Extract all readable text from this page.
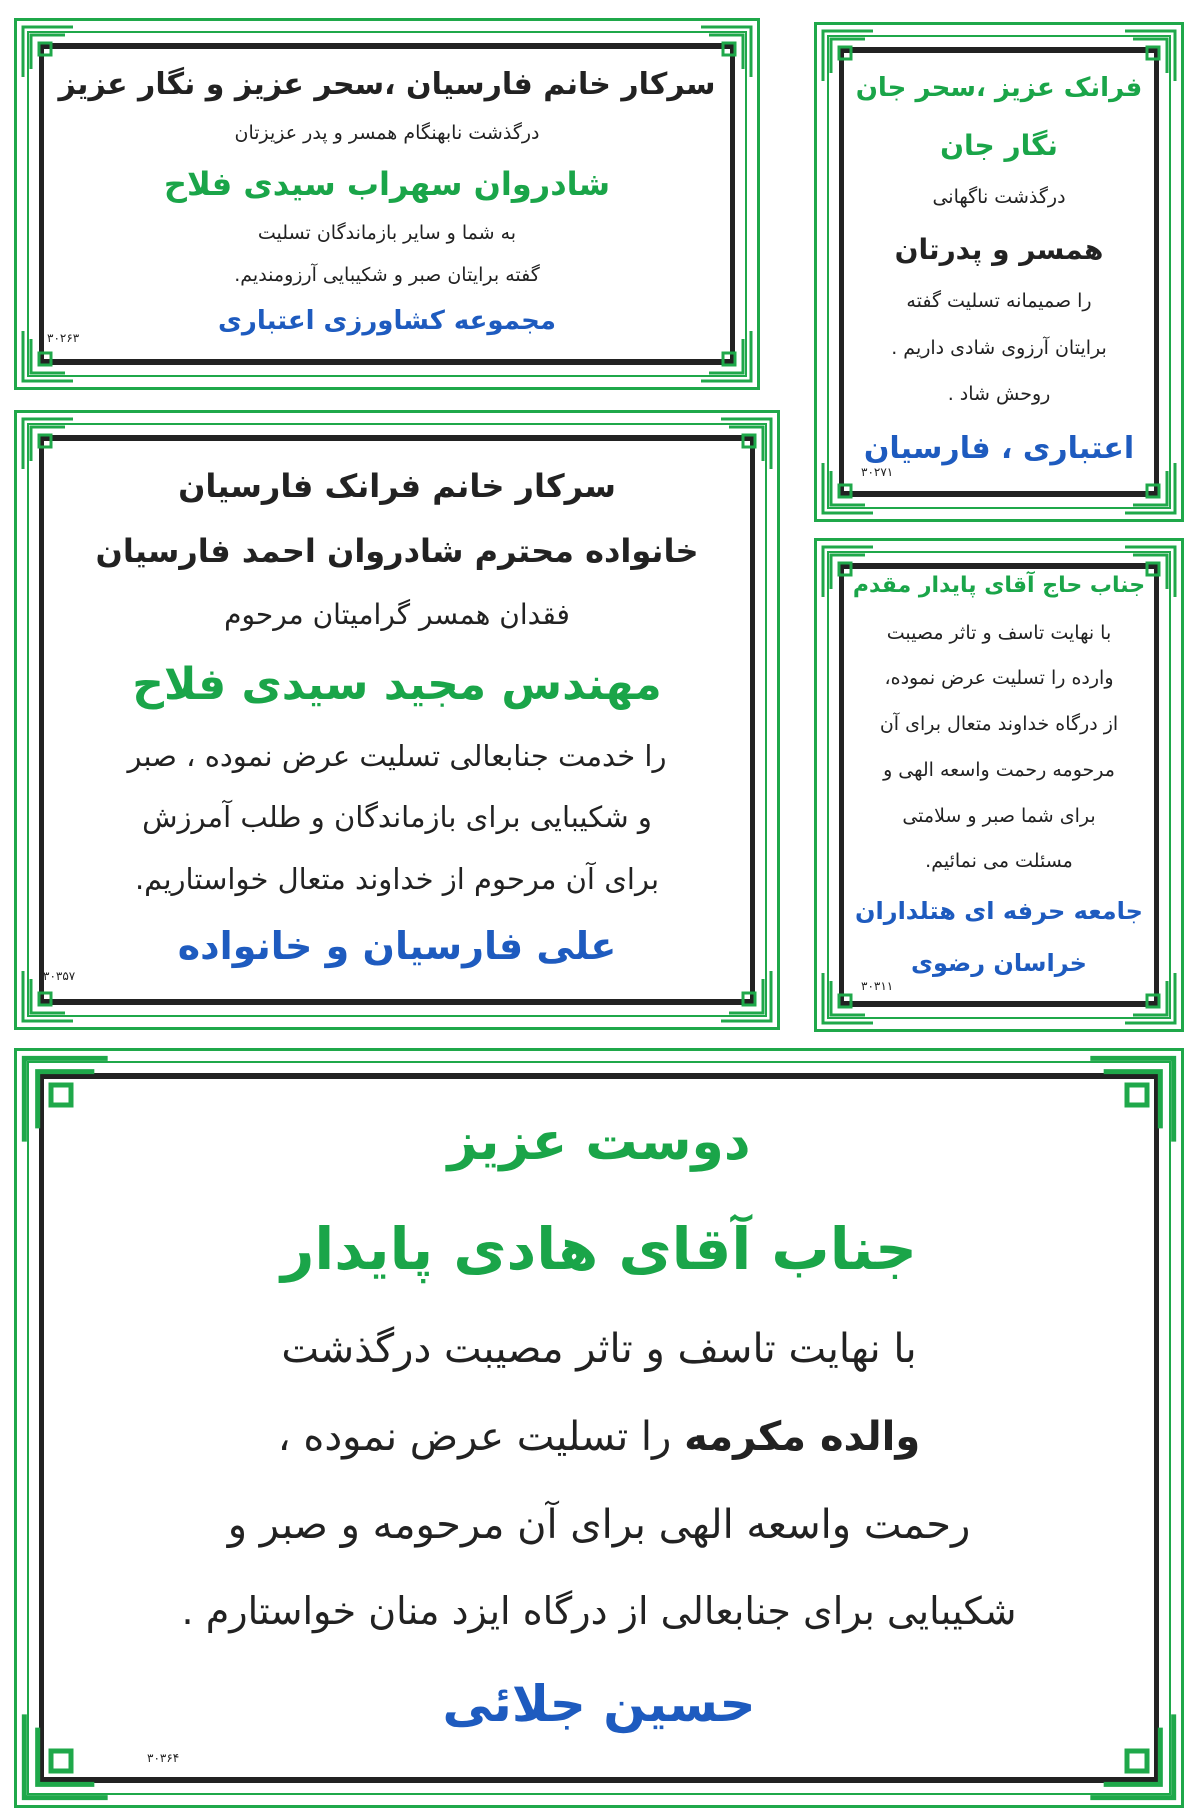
سرکار خانم فارسیان ،سحر عزیز و نگار عزیز

درگذشت نابهنگام همسر و پدر عزیزتان

شادروان سهراب سیدی فلاح

به شما و سایر بازماندگان تسلیت

گفته برایتان صبر و شکیبایی آرزومندیم.

مجموعه کشاورزی اعتباری

۳۰۲۶۳

فرانک عزیز ،سحر جان

نگار جان

درگذشت ناگهانی

همسر و پدرتان

را صمیمانه تسلیت گفته

برایتان آرزوی شادی داریم .

روحش شاد .

اعتباری ، فارسیان

۳۰۲۷۱

سرکار خانم فرانک فارسیان

خانواده محترم شادروان احمد فارسیان

فقدان همسر گرامیتان مرحوم

مهندس مجید سیدی فلاح

را خدمت جنابعالی تسلیت عرض نموده ، صبر

و شکیبایی برای بازماندگان و طلب آمرزش

برای آن مرحوم از خداوند متعال خواستاریم.

علی فارسیان و خانواده

۳۰۳۵۷

جناب حاج آقای پایدار مقدم

با نهایت تاسف و تاثر مصیبت

وارده را تسلیت عرض نموده،

از درگاه خداوند متعال برای آن

مرحومه رحمت واسعه الهی و

برای شما صبر و سلامتی

مسئلت می نمائیم.

جامعه حرفه ای هتلداران

خراسان رضوی

۳۰۳۱۱

دوست عزیز

جناب آقای هادی پایدار

با نهایت تاسف و تاثر مصیبت درگذشت

والده مکرمه را تسلیت عرض نموده ،

رحمت واسعه الهی برای آن مرحومه و صبر و

شکیبایی برای جنابعالی از درگاه ایزد منان خواستارم .

حسین جلائی

۳۰۳۶۴
